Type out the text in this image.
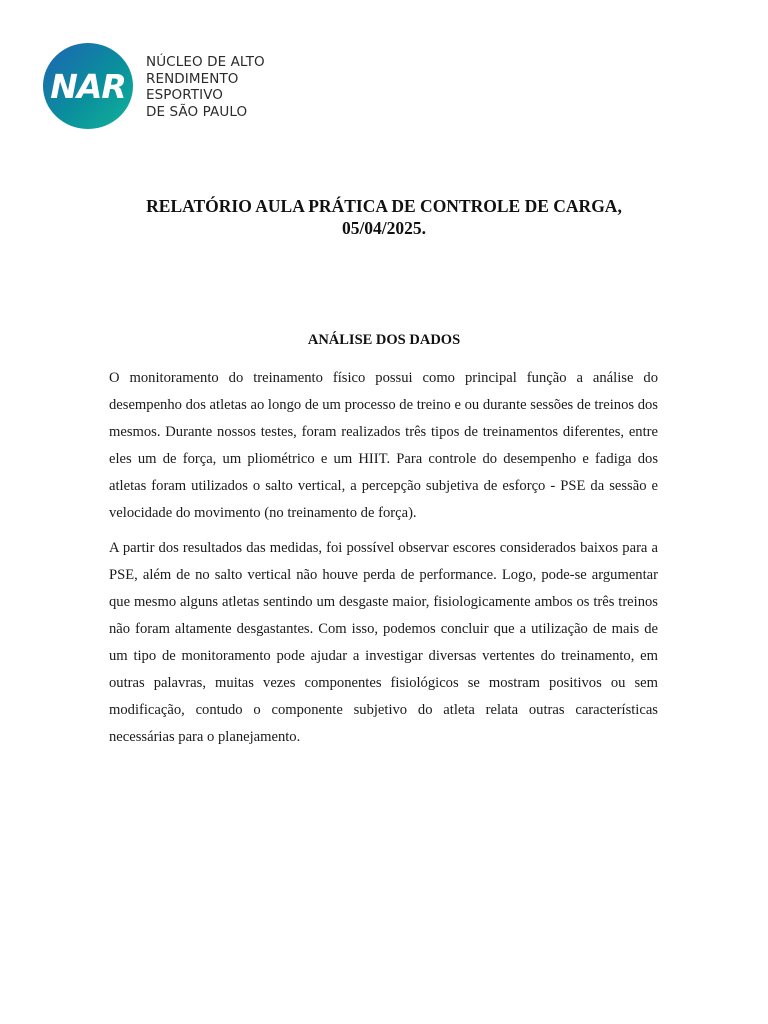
NAR
NÚCLEO DE ALTO
RENDIMENTO
ESPORTIVO
DE SÃO PAULO
RELATÓRIO AULA PRÁTICA DE CONTROLE DE CARGA,
05/04/2025.
ANÁLISE DOS DADOS

O monitoramento do treinamento físico possui como principal função a análise do desempenho dos atletas ao longo de um processo de treino e ou durante sessões de treinos dos mesmos. Durante nossos testes, foram realizados três tipos de treinamentos diferentes, entre eles um de força, um pliométrico e um HIIT. Para controle do desempenho e fadiga dos atletas foram utilizados o salto vertical, a percepção subjetiva de esforço - PSE da sessão e velocidade do movimento (no treinamento de força).

A partir dos resultados das medidas, foi possível observar escores considerados baixos para a PSE, além de no salto vertical não houve perda de performance. Logo, pode-se argumentar que mesmo alguns atletas sentindo um desgaste maior, fisiologicamente ambos os três treinos não foram altamente desgastantes. Com isso, podemos concluir que a utilização de mais de um tipo de monitoramento pode ajudar a investigar diversas vertentes do treinamento, em outras palavras, muitas vezes componentes fisiológicos se mostram positivos ou sem modificação, contudo o componente subjetivo do atleta relata outras características necessárias para o planejamento.
